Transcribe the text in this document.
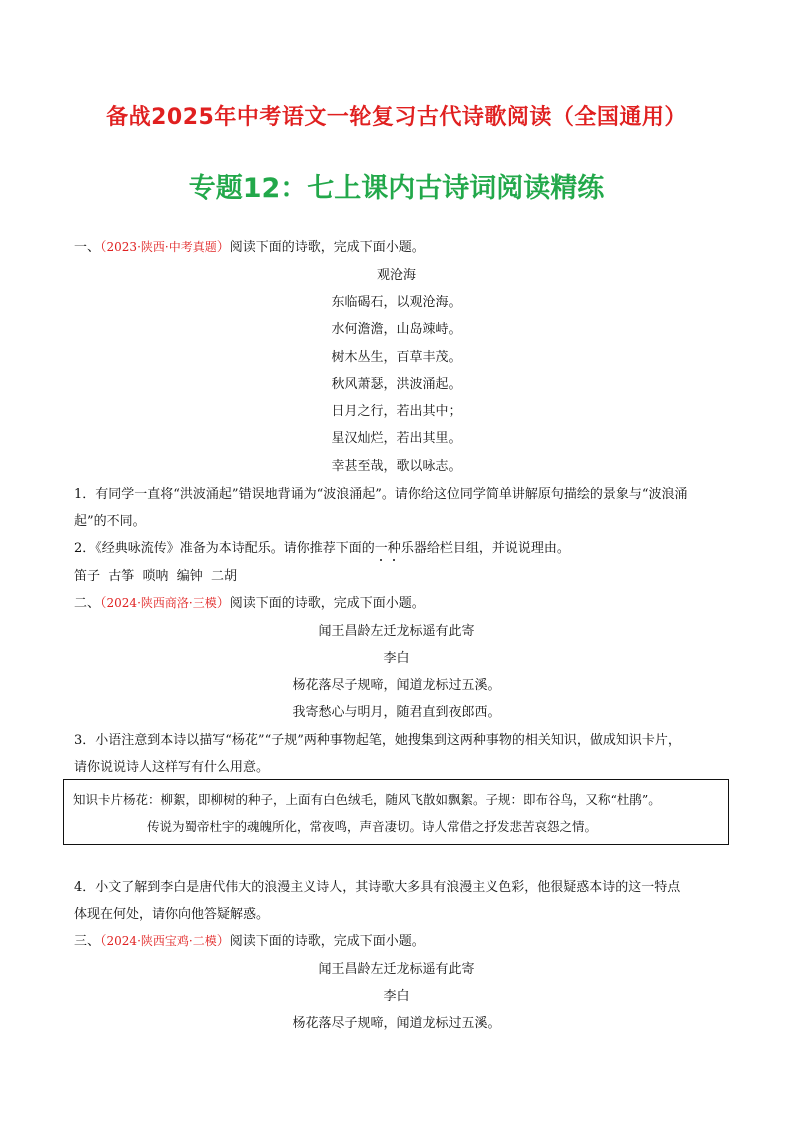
备战2025年中考语文一轮复习古代诗歌阅读（全国通用）
专题12：七上课内古诗词阅读精练
一、（2023·陕西·中考真题）阅读下面的诗歌，完成下面小题。
观沧海
东临碣石，以观沧海。
水何澹澹，山岛竦峙。
树木丛生，百草丰茂。
秋风萧瑟，洪波涌起。
日月之行，若出其中；
星汉灿烂，若出其里。
幸甚至哉，歌以咏志。
1．有同学一直将“洪波涌起”错误地背诵为“波浪涌起”。请你给这位同学简单讲解原句描绘的景象与“波浪涌
起”的不同。
2．《经典咏流传》准备为本诗配乐。请你推荐下面的一种乐器给栏目组，并说说理由。
笛子  古筝  唢呐  编钟  二胡
二、（2024·陕西商洛·三模）阅读下面的诗歌，完成下面小题。
闻王昌龄左迁龙标遥有此寄
李白
杨花落尽子规啼，闻道龙标过五溪。
我寄愁心与明月，随君直到夜郎西。
3．小语注意到本诗以描写“杨花”“子规”两种事物起笔，她搜集到这两种事物的相关知识，做成知识卡片，
请你说说诗人这样写有什么用意。
知识卡片杨花：柳絮，即柳树的种子，上面有白色绒毛，随风飞散如飘絮。子规：即布谷鸟，又称“杜鹃”。
传说为蜀帝杜宇的魂魄所化，常夜鸣，声音凄切。诗人常借之抒发悲苦哀怨之情。
4．小文了解到李白是唐代伟大的浪漫主义诗人，其诗歌大多具有浪漫主义色彩，他很疑惑本诗的这一特点
体现在何处，请你向他答疑解惑。
三、（2024·陕西宝鸡·二模）阅读下面的诗歌，完成下面小题。
闻王昌龄左迁龙标遥有此寄
李白
杨花落尽子规啼，闻道龙标过五溪。
